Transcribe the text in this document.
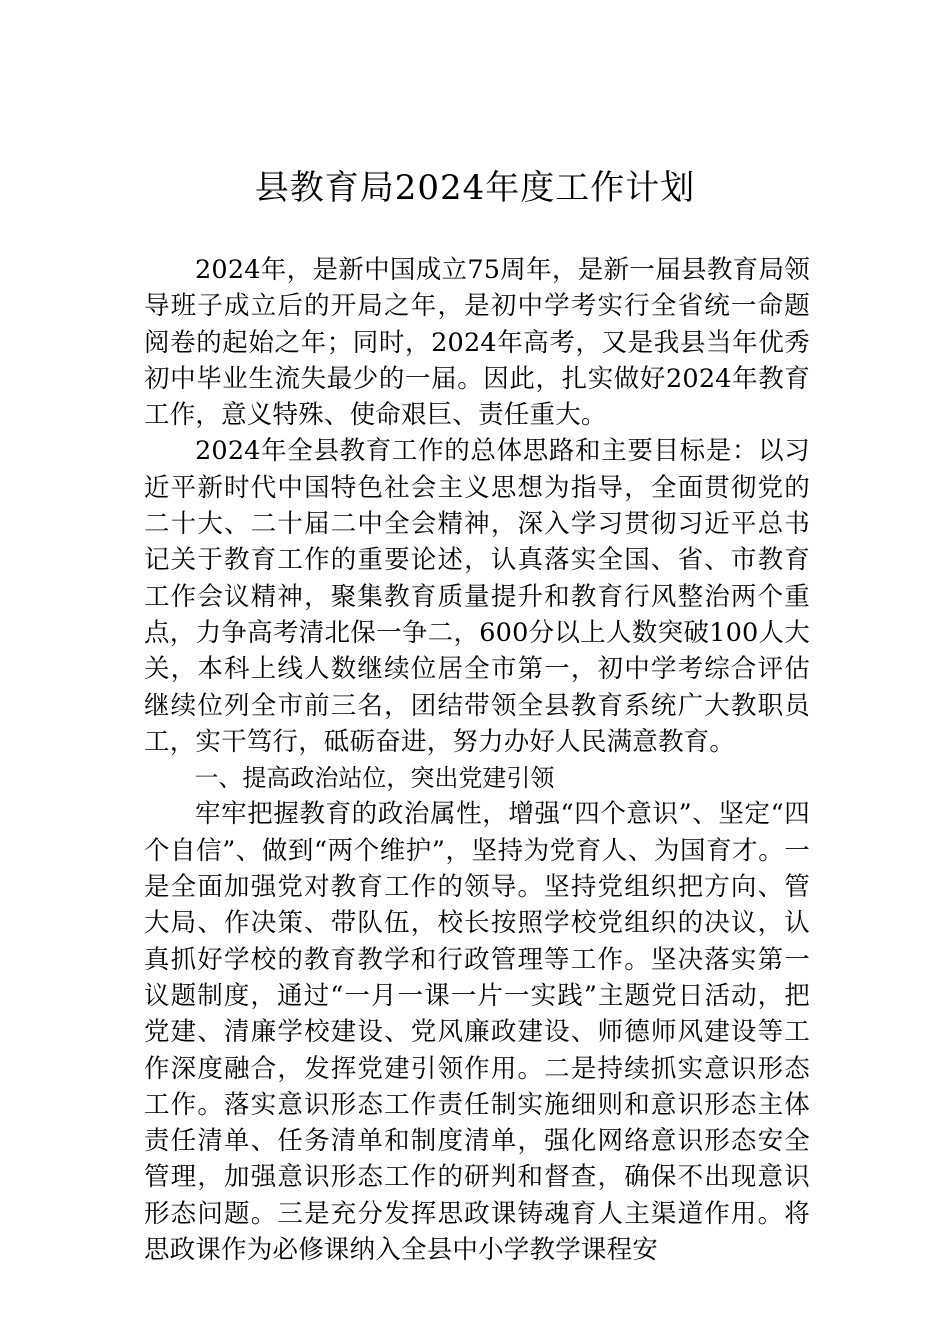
县教育局2024年度工作计划

2024年，是新中国成立75周年，是新一届县教育局领导班子成立后的开局之年，是初中学考实行全省统一命题阅卷的起始之年；同时，2024年高考，又是我县当年优秀初中毕业生流失最少的一届。因此，扎实做好2024年教育工作，意义特殊、使命艰巨、责任重大。

2024年全县教育工作的总体思路和主要目标是：以习近平新时代中国特色社会主义思想为指导，全面贯彻党的二十大、二十届二中全会精神，深入学习贯彻习近平总书记关于教育工作的重要论述，认真落实全国、省、市教育工作会议精神，聚集教育质量提升和教育行风整治两个重点，力争高考清北保一争二，600分以上人数突破100人大关，本科上线人数继续位居全市第一，初中学考综合评估继续位列全市前三名，团结带领全县教育系统广大教职员工，实干笃行，砥砺奋进，努力办好人民满意教育。

一、提高政治站位，突出党建引领

牢牢把握教育的政治属性，增强“四个意识”、坚定“四个自信”、做到“两个维护”，坚持为党育人、为国育才。一是全面加强党对教育工作的领导。坚持党组织把方向、管大局、作决策、带队伍，校长按照学校党组织的决议，认真抓好学校的教育教学和行政管理等工作。坚决落实第一议题制度，通过“一月一课一片一实践”主题党日活动，把党建、清廉学校建设、党风廉政建设、师德师风建设等工作深度融合，发挥党建引领作用。二是持续抓实意识形态工作。落实意识形态工作责任制实施细则和意识形态主体责任清单、任务清单和制度清单，强化网络意识形态安全管理，加强意识形态工作的研判和督查，确保不出现意识形态问题。三是充分发挥思政课铸魂育人主渠道作用。将思政课作为必修课纳入全县中小学教学课程安
